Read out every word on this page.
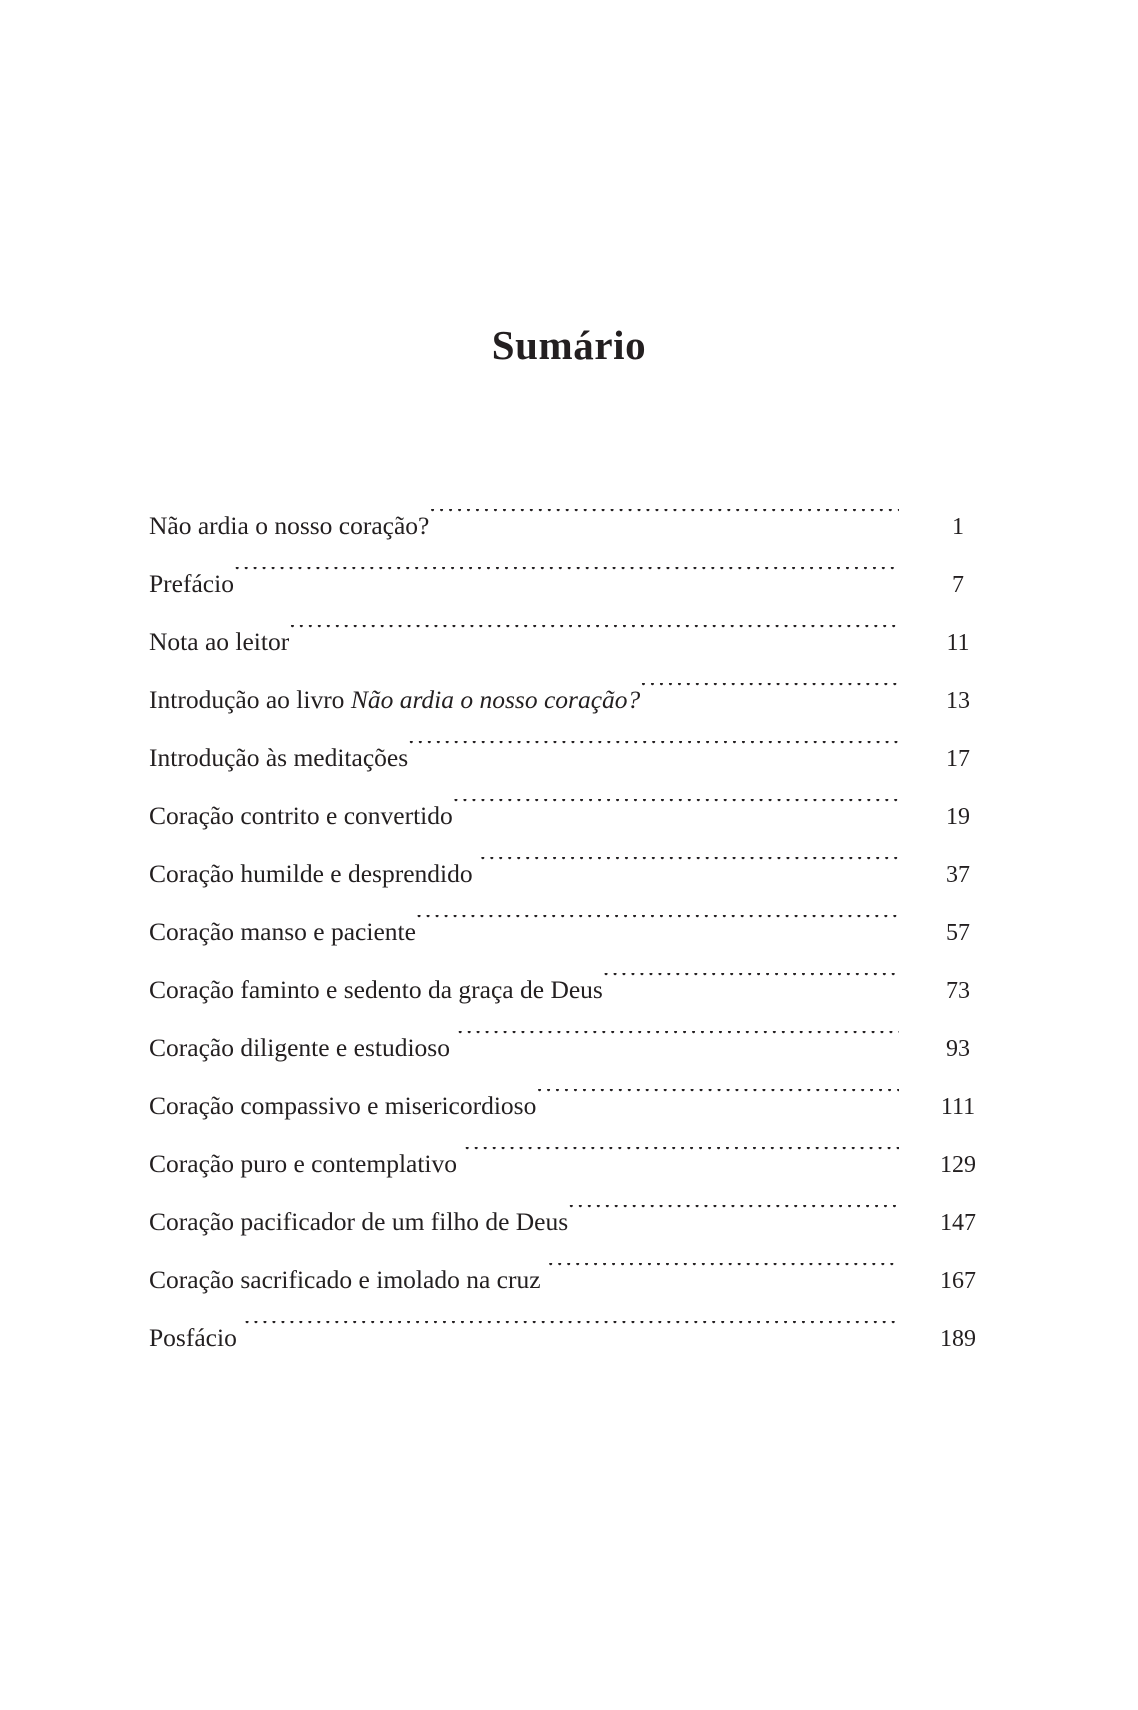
Sumário
Não ardia o nosso coração? .....	1
Prefácio .....	7
Nota ao leitor .....	11
Introdução ao livro Não ardia o nosso coração? .....	13
Introdução às meditações .....	17
Coração contrito e convertido .....	19
Coração humilde e desprendido .....	37
Coração manso e paciente .....	57
Coração faminto e sedento da graça de Deus .....	73
Coração diligente e estudioso .....	93
Coração compassivo e misericordioso .....	111
Coração puro e contemplativo .....	129
Coração pacificador de um filho de Deus .....	147
Coração sacrificado e imolado na cruz .....	167
Posfácio .....	189
